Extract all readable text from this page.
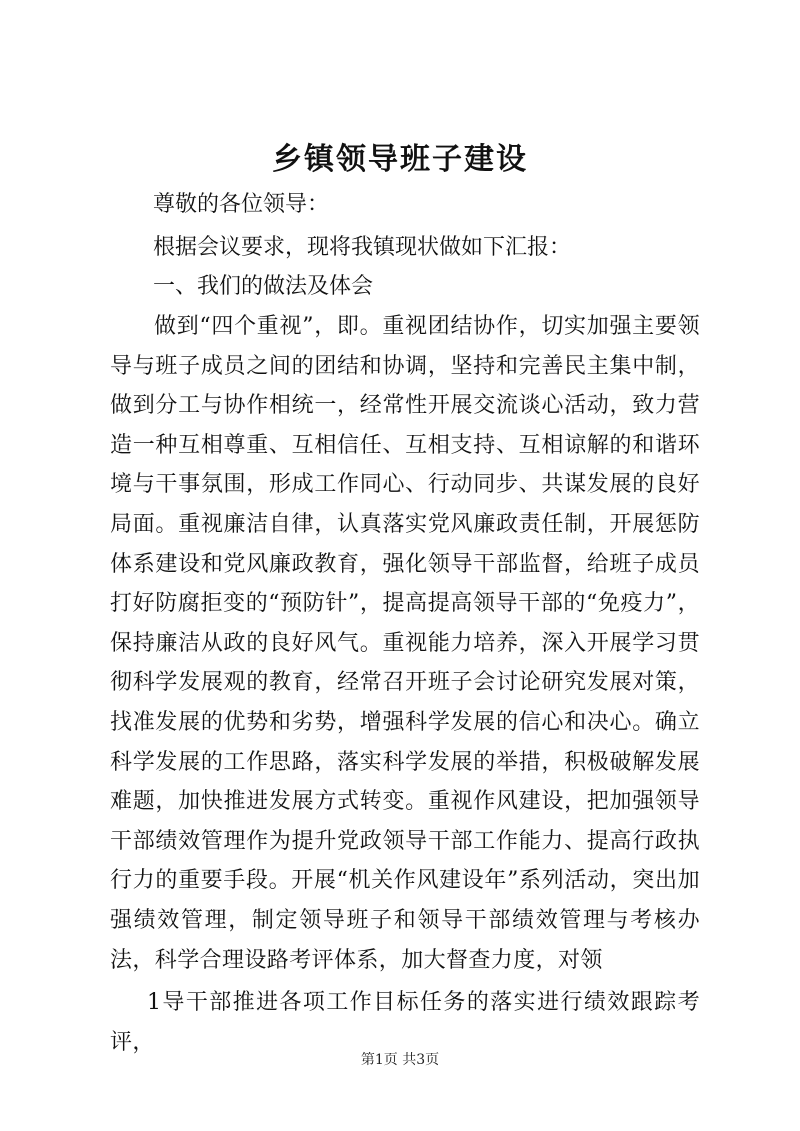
乡镇领导班子建设
尊敬的各位领导：
根据会议要求，现将我镇现状做如下汇报：
一、我们的做法及体会
做到“四个重视”，即。重视团结协作，切实加强主要领导与班子成员之间的团结和协调，坚持和完善民主集中制，做到分工与协作相统一，经常性开展交流谈心活动，致力营造一种互相尊重、互相信任、互相支持、互相谅解的和谐环境与干事氛围，形成工作同心、行动同步、共谋发展的良好局面。重视廉洁自律，认真落实党风廉政责任制，开展惩防体系建设和党风廉政教育，强化领导干部监督，给班子成员打好防腐拒变的“预防针”，提高提高领导干部的“免疫力”，保持廉洁从政的良好风气。重视能力培养，深入开展学习贯彻科学发展观的教育，经常召开班子会讨论研究发展对策，找准发展的优势和劣势，增强科学发展的信心和决心。确立科学发展的工作思路，落实科学发展的举措，积极破解发展难题，加快推进发展方式转变。重视作风建设，把加强领导干部绩效管理作为提升党政领导干部工作能力、提高行政执行力的重要手段。开展“机关作风建设年”系列活动，突出加强绩效管理，制定领导班子和领导干部绩效管理与考核办法，科学合理设路考评体系，加大督查力度，对领
1导干部推进各项工作目标任务的落实进行绩效跟踪考评，
第1页 共3页
